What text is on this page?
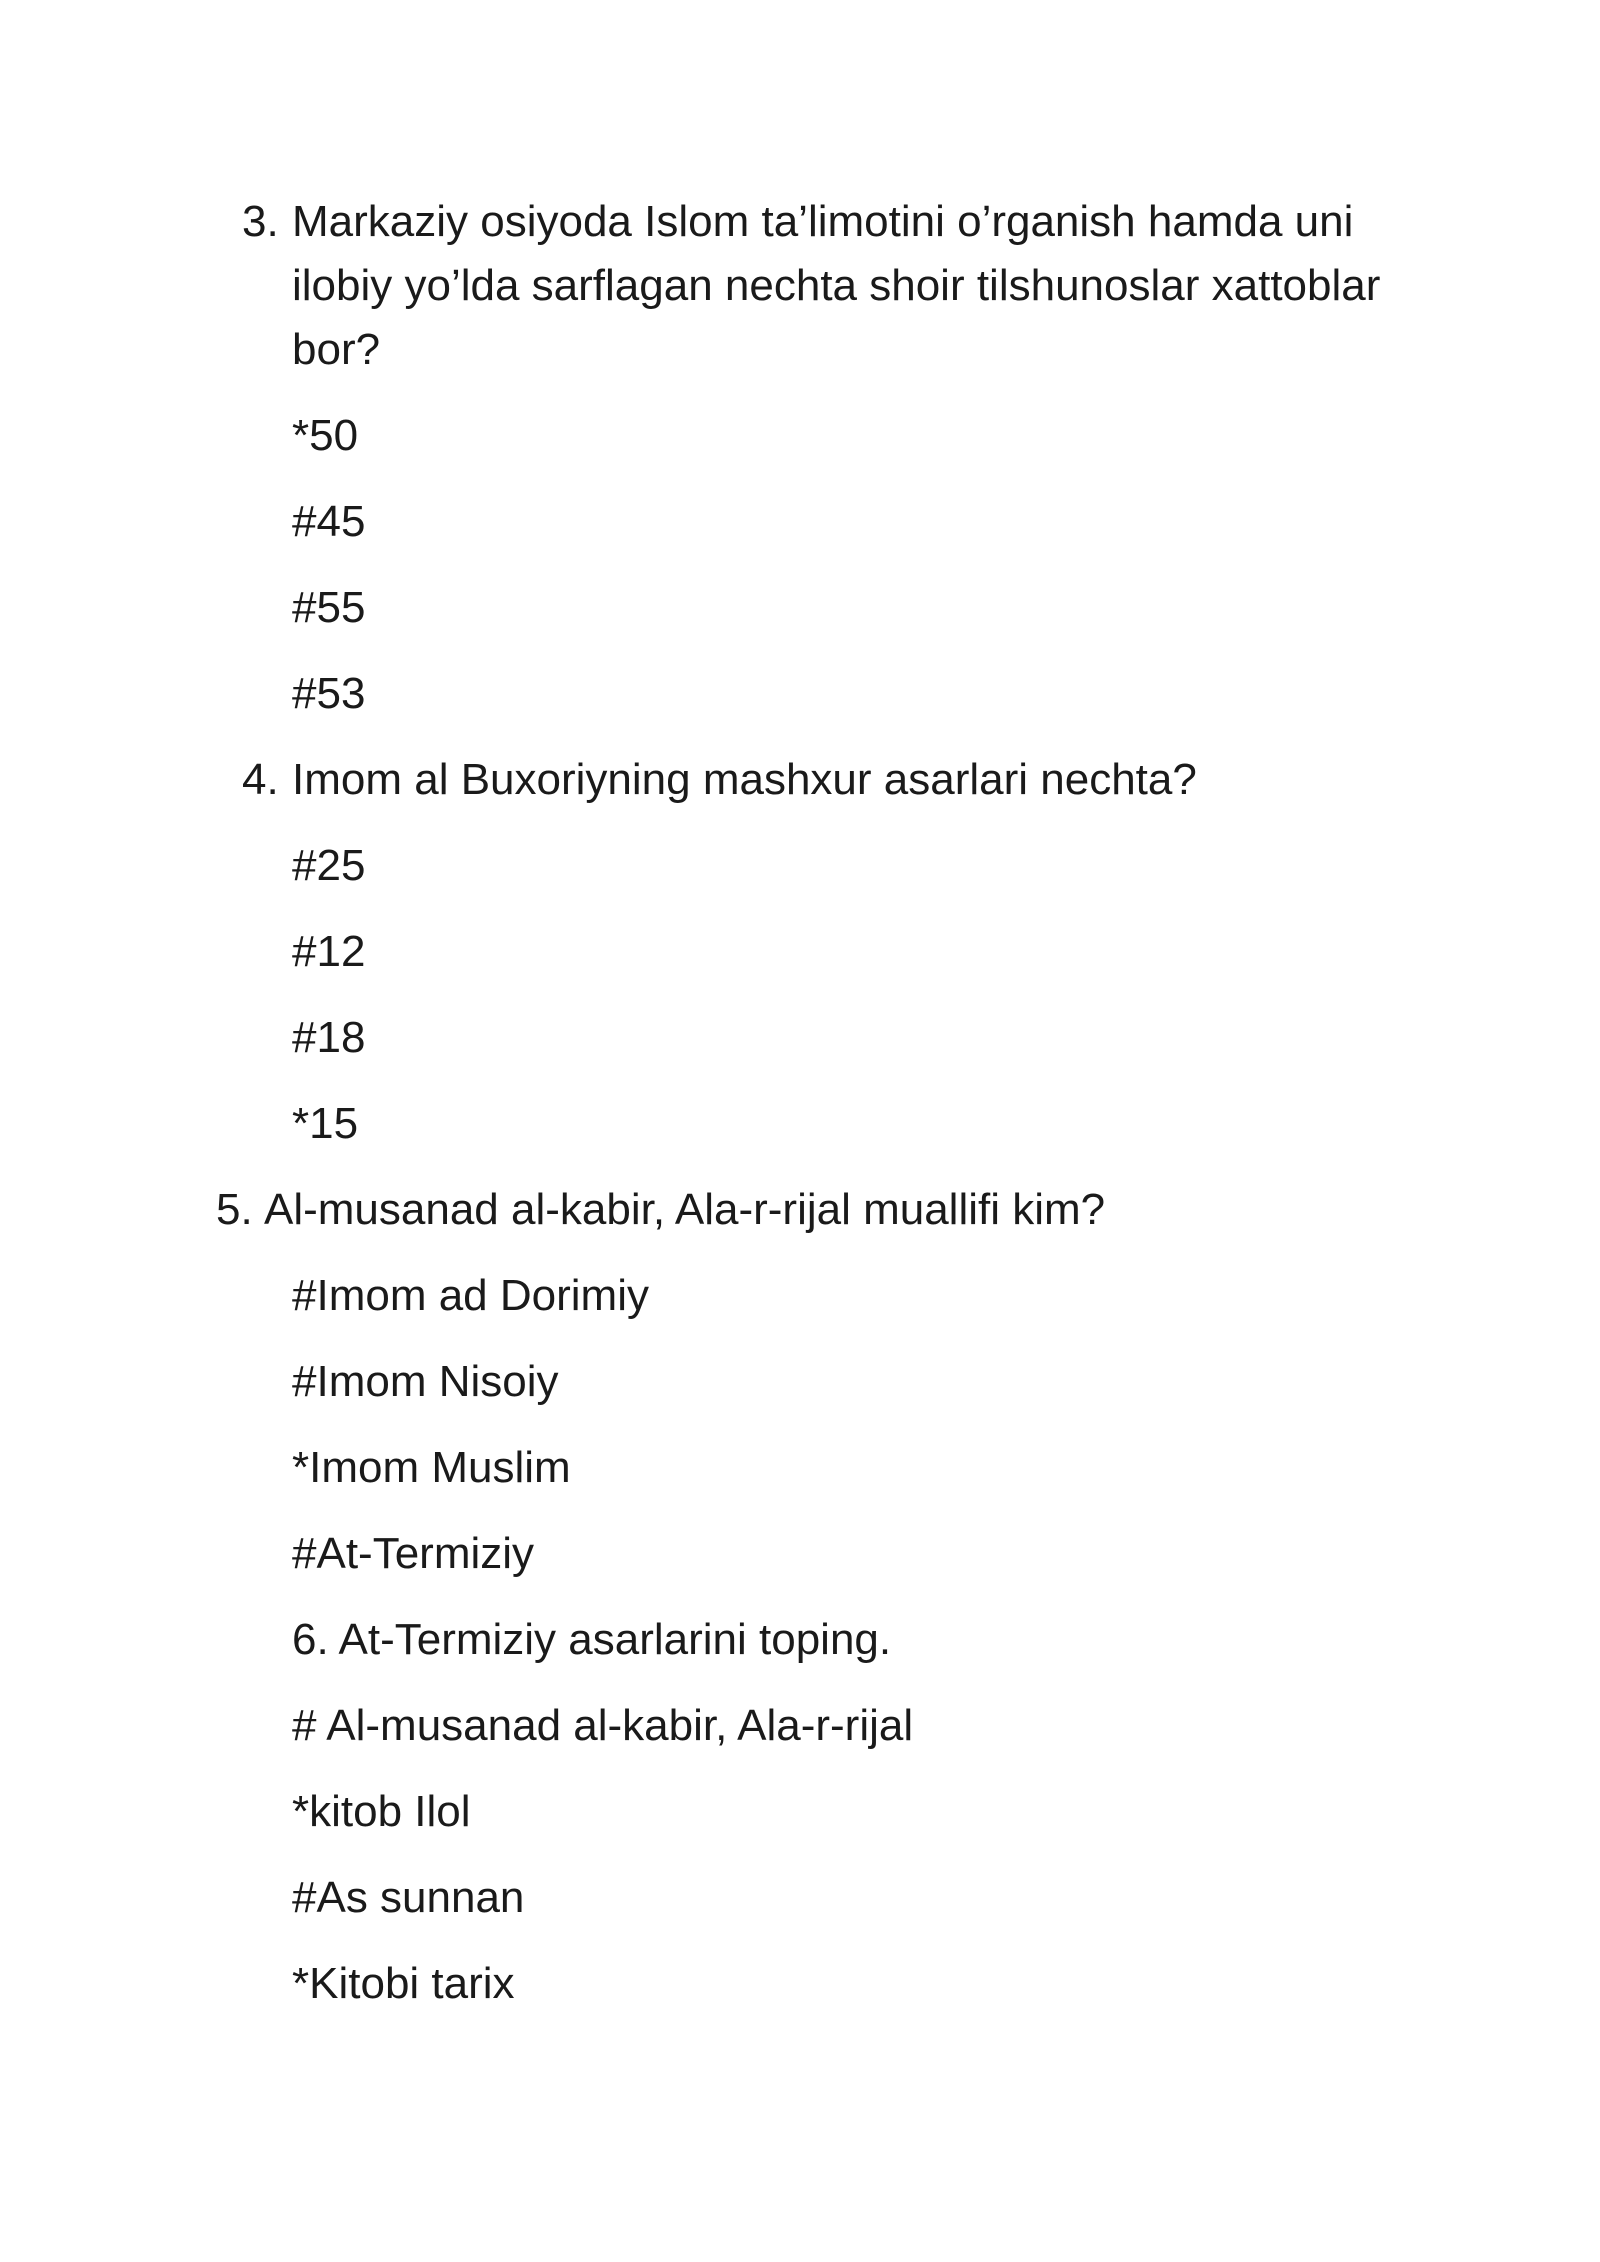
3. Markaziy osiyoda Islom ta’limotini o’rganish hamda uni
ilobiy yo’lda sarflagan nechta shoir tilshunoslar xattoblar
bor?
*50
#45
#55
#53
4. Imom al Buxoriyning mashxur asarlari nechta?
#25
#12
#18
*15
5. Al-musanad al-kabir, Ala-r-rijal muallifi kim?
#Imom ad Dorimiy
#Imom Nisoiy
*Imom Muslim
#At-Termiziy
6. At-Termiziy asarlarini toping.
# Al-musanad al-kabir, Ala-r-rijal
*kitob Ilol
#As sunnan
*Kitobi tarix
